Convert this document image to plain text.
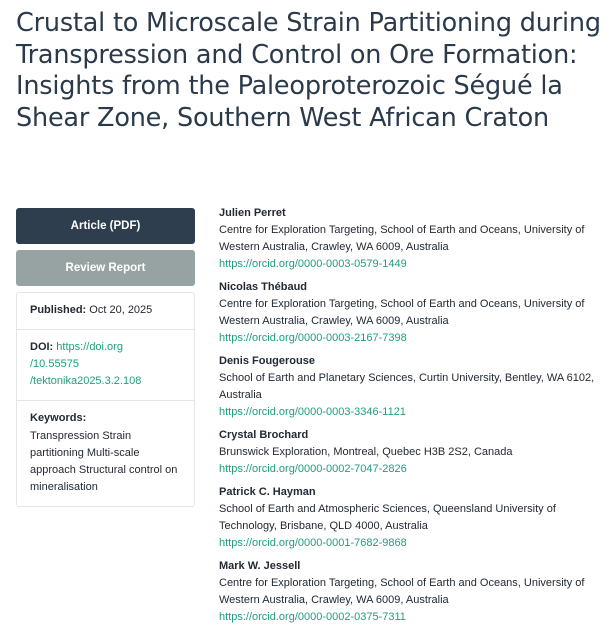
Crustal to Microscale Strain Partitioning during Transpression and Control on Ore Formation: Insights from the Paleoproterozoic Ségué la Shear Zone, Southern West African Craton
Article (PDF)
Review Report
Published: Oct 20, 2025
DOI: https://doi.org
/10.55575
/tektonika2025.3.2.108
Keywords:
Transpression Strain partitioning Multi-scale approach Structural control on mineralisation
Julien Perret
Centre for Exploration Targeting, School of Earth and Oceans, University of Western Australia, Crawley, WA 6009, Australia
https://orcid.org/0000-0003-0579-1449
Nicolas Thébaud
Centre for Exploration Targeting, School of Earth and Oceans, University of Western Australia, Crawley, WA 6009, Australia
https://orcid.org/0000-0003-2167-7398
Denis Fougerouse
School of Earth and Planetary Sciences, Curtin University, Bentley, WA 6102, Australia
https://orcid.org/0000-0003-3346-1121
Crystal Brochard
Brunswick Exploration, Montreal, Quebec H3B 2S2, Canada
https://orcid.org/0000-0002-7047-2826
Patrick C. Hayman
School of Earth and Atmospheric Sciences, Queensland University of Technology, Brisbane, QLD 4000, Australia
https://orcid.org/0000-0001-7682-9868
Mark W. Jessell
Centre for Exploration Targeting, School of Earth and Oceans, University of Western Australia, Crawley, WA 6009, Australia
https://orcid.org/0000-0002-0375-7311
